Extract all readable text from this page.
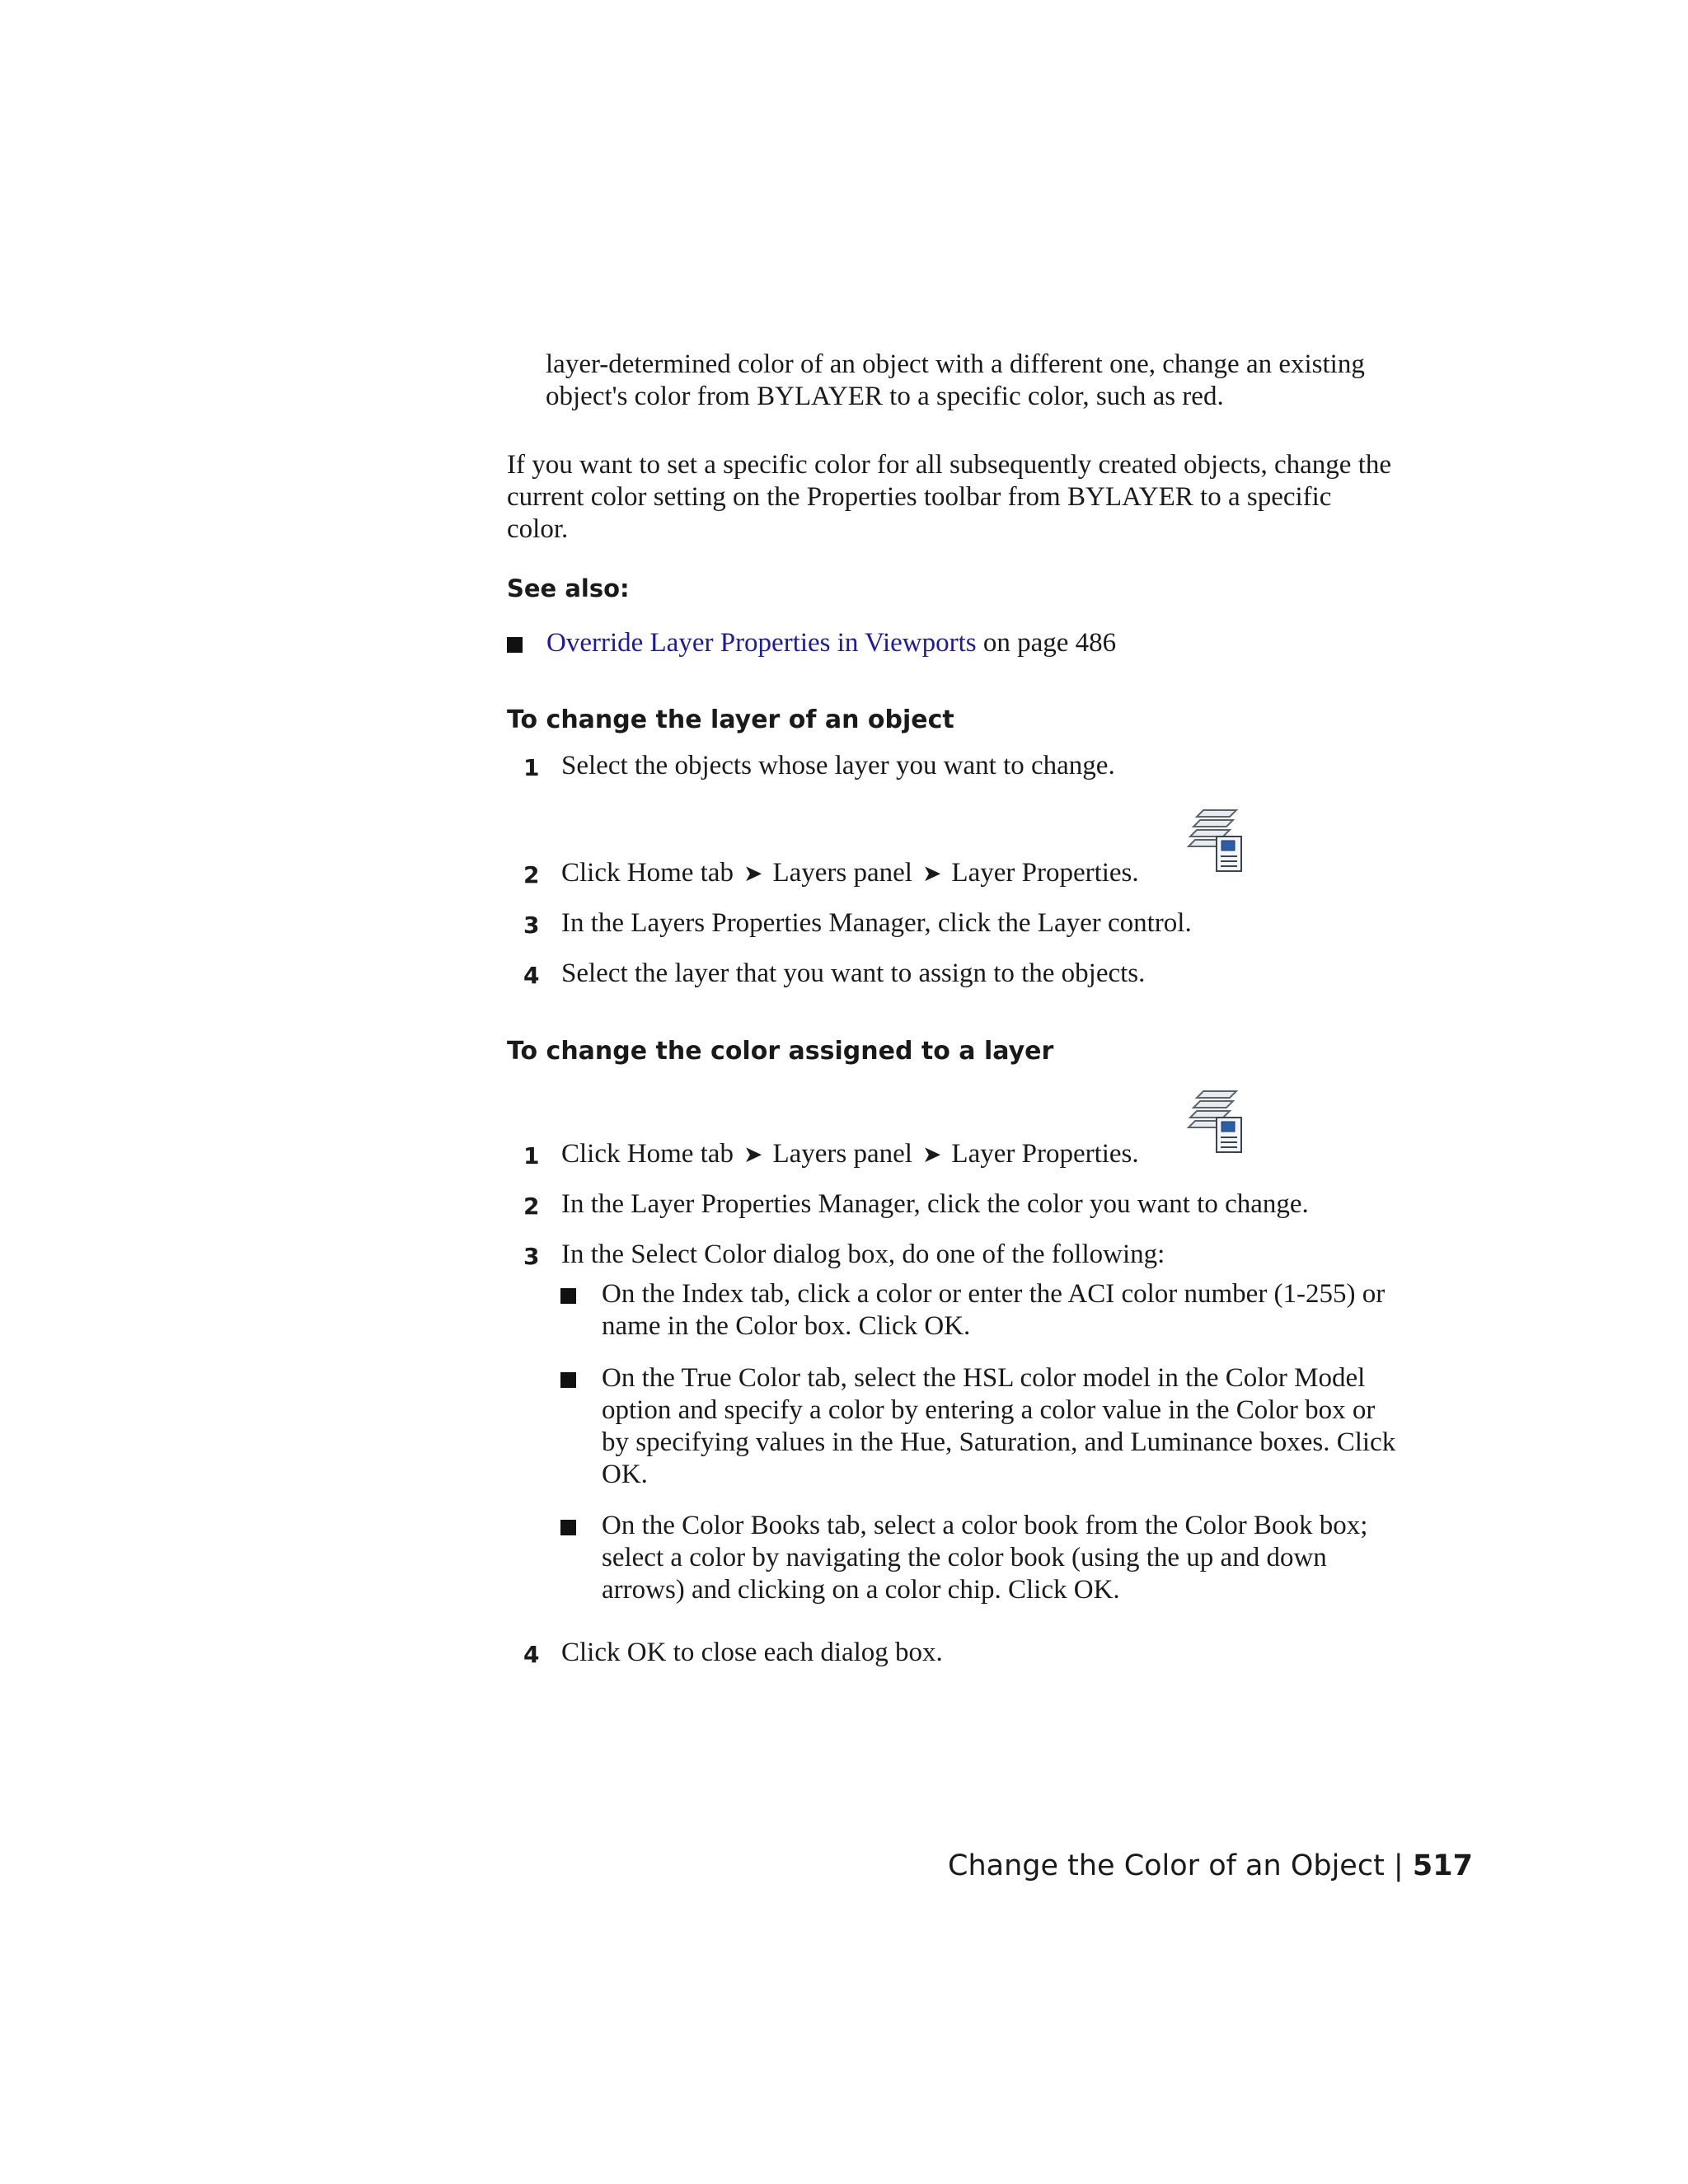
layer-determined color of an object with a different one, change an existing object's color from BYLAYER to a specific color, such as red.
If you want to set a specific color for all subsequently created objects, change the current color setting on the Properties toolbar from BYLAYER to a specific color.
See also:
Override Layer Properties in Viewports on page 486
To change the layer of an object
1 Select the objects whose layer you want to change.
2 Click Home tab ➤ Layers panel ➤ Layer Properties.
3 In the Layers Properties Manager, click the Layer control.
4 Select the layer that you want to assign to the objects.
To change the color assigned to a layer
1 Click Home tab ➤ Layers panel ➤ Layer Properties.
2 In the Layer Properties Manager, click the color you want to change.
3 In the Select Color dialog box, do one of the following:
On the Index tab, click a color or enter the ACI color number (1-255) or name in the Color box. Click OK.
On the True Color tab, select the HSL color model in the Color Model option and specify a color by entering a color value in the Color box or by specifying values in the Hue, Saturation, and Luminance boxes. Click OK.
On the Color Books tab, select a color book from the Color Book box; select a color by navigating the color book (using the up and down arrows) and clicking on a color chip. Click OK.
4 Click OK to close each dialog box.
Change the Color of an Object | 517
